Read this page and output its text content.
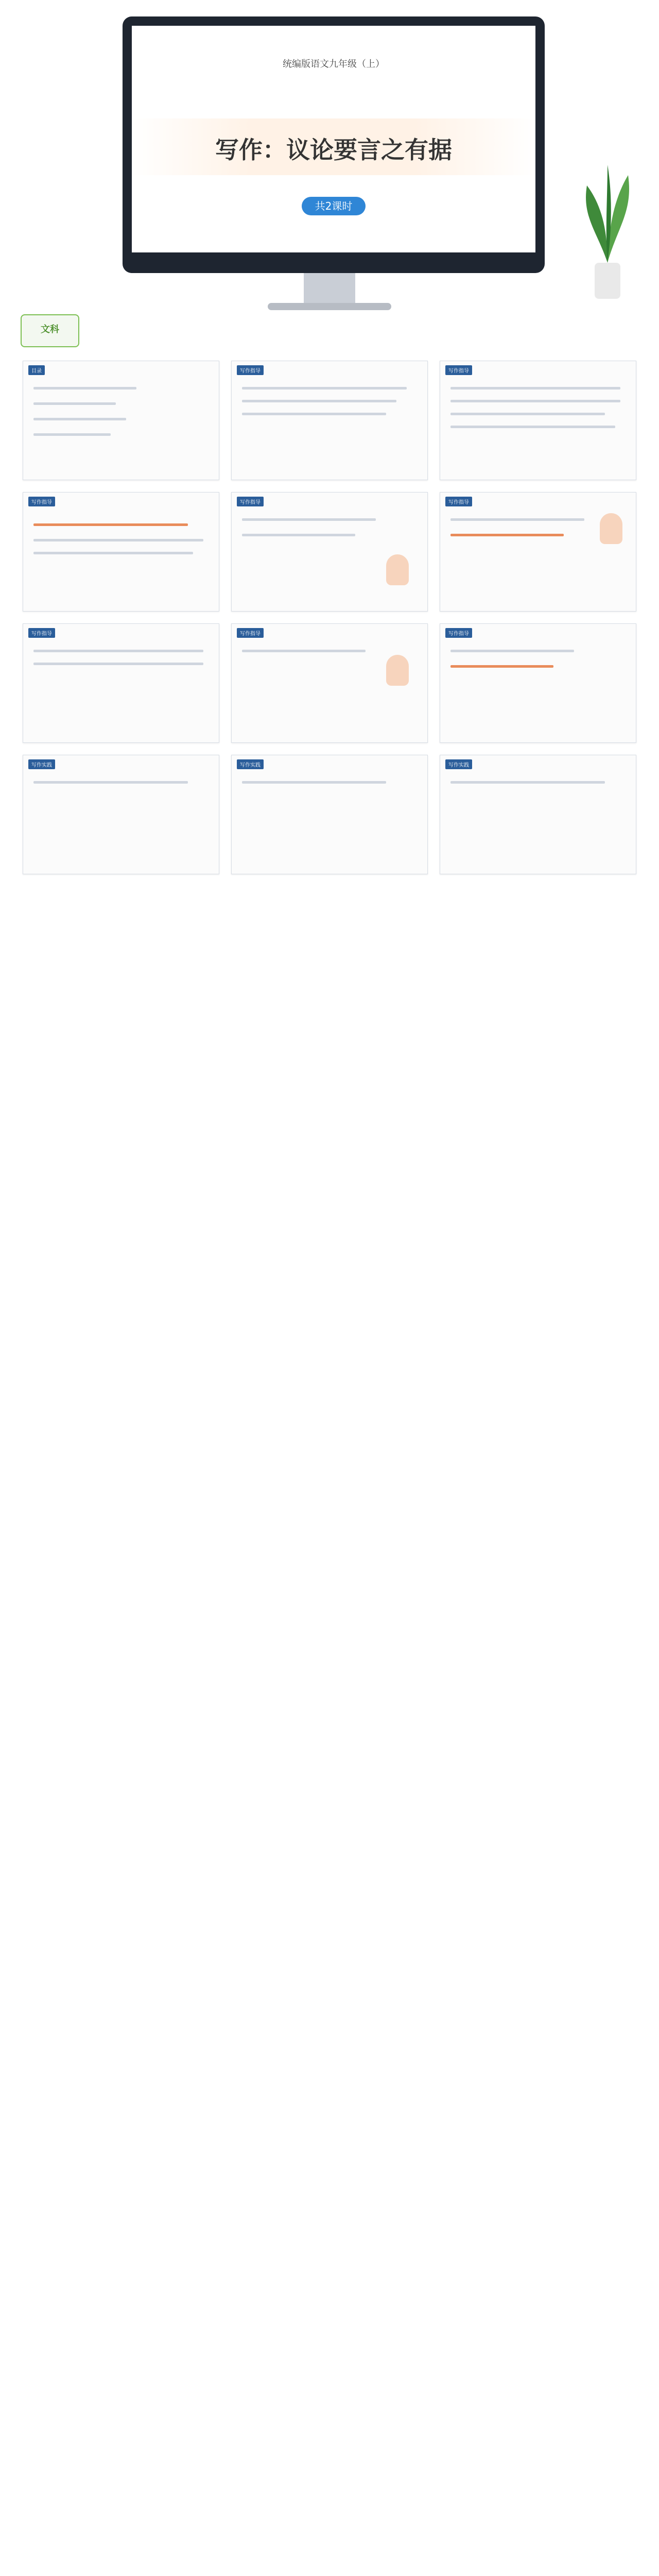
统编版语文九年级（上）
写作：议论要言之有据
共2课时
文科
目录	写作指导	写作指导
写作指导	写作指导	写作指导
写作指导	写作指导	写作指导
写作实践	写作实践	写作实践
